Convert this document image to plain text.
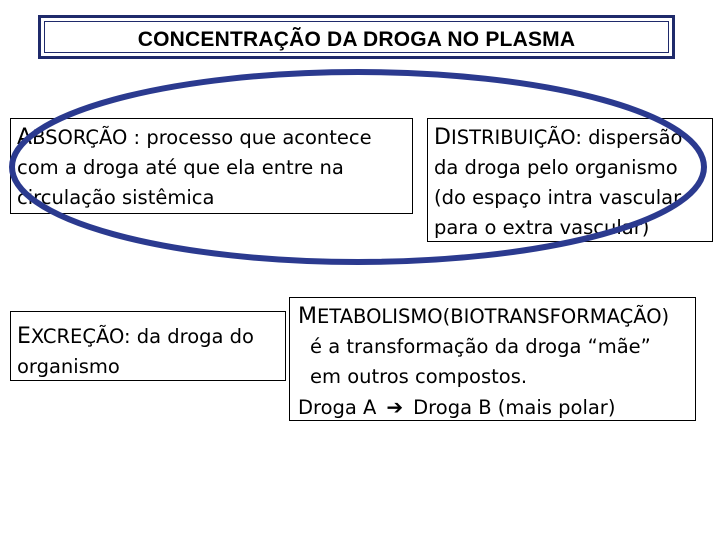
CONCENTRAÇÃO DA DROGA NO PLASMA

ABSORÇÃO : processo que acontece com a droga até que ela entre na circulação sistêmica

DISTRIBUIÇÃO: dispersão da droga pelo organismo (do espaço intra vascular para o extra vascular)

EXCREÇÃO: da droga do organismo

METABOLISMO(BIOTRANSFORMAÇÃO)

é a transformação da droga “mãe” em outros compostos.

Droga A ➔ Droga B (mais polar)
